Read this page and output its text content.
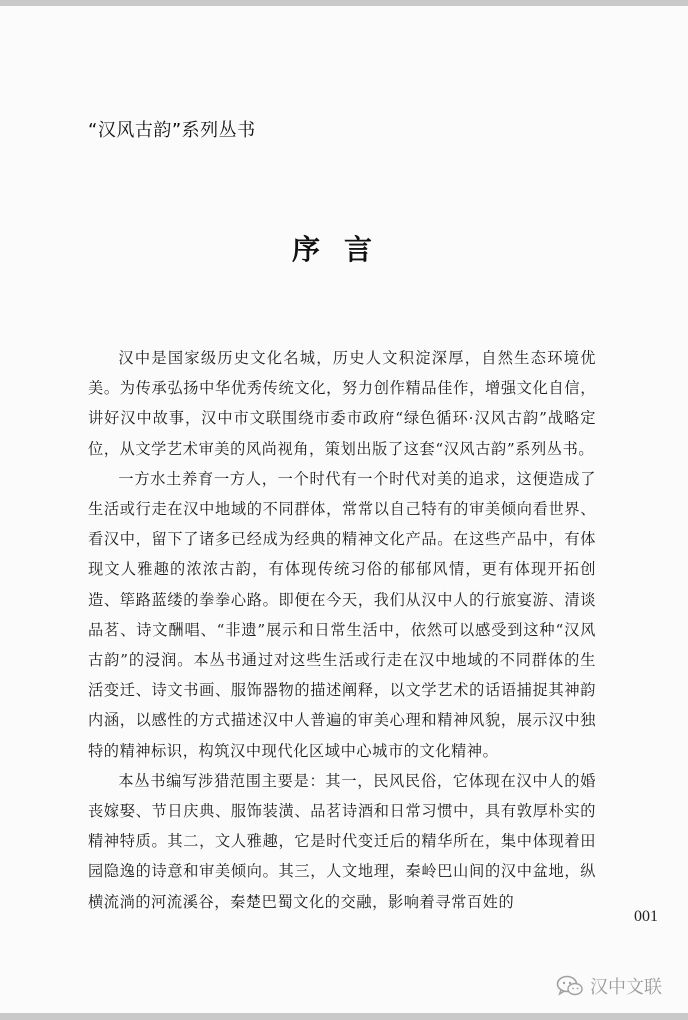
“汉风古韵”系列丛书
序言

汉中是国家级历史文化名城，历史人文积淀深厚，自然生态环境优美。为传承弘扬中华优秀传统文化，努力创作精品佳作，增强文化自信，讲好汉中故事，汉中市文联围绕市委市政府“绿色循环·汉风古韵”战略定位，从文学艺术审美的风尚视角，策划出版了这套“汉风古韵”系列丛书。

一方水土养育一方人，一个时代有一个时代对美的追求，这便造成了生活或行走在汉中地域的不同群体，常常以自己特有的审美倾向看世界、看汉中，留下了诸多已经成为经典的精神文化产品。在这些产品中，有体现文人雅趣的浓浓古韵，有体现传统习俗的郁郁风情，更有体现开拓创造、筚路蓝缕的拳拳心路。即便在今天，我们从汉中人的行旅宴游、清谈品茗、诗文酬唱、“非遗”展示和日常生活中，依然可以感受到这种“汉风古韵”的浸润。本丛书通过对这些生活或行走在汉中地域的不同群体的生活变迁、诗文书画、服饰器物的描述阐释，以文学艺术的话语捕捉其神韵内涵，以感性的方式描述汉中人普遍的审美心理和精神风貌，展示汉中独特的精神标识，构筑汉中现代化区域中心城市的文化精神。

本丛书编写涉猎范围主要是：其一，民风民俗，它体现在汉中人的婚丧嫁娶、节日庆典、服饰装潢、品茗诗酒和日常习惯中，具有敦厚朴实的精神特质。其二，文人雅趣，它是时代变迁后的精华所在，集中体现着田园隐逸的诗意和审美倾向。其三，人文地理，秦岭巴山间的汉中盆地，纵横流淌的河流溪谷，秦楚巴蜀文化的交融，影响着寻常百姓的

001
汉中文联
